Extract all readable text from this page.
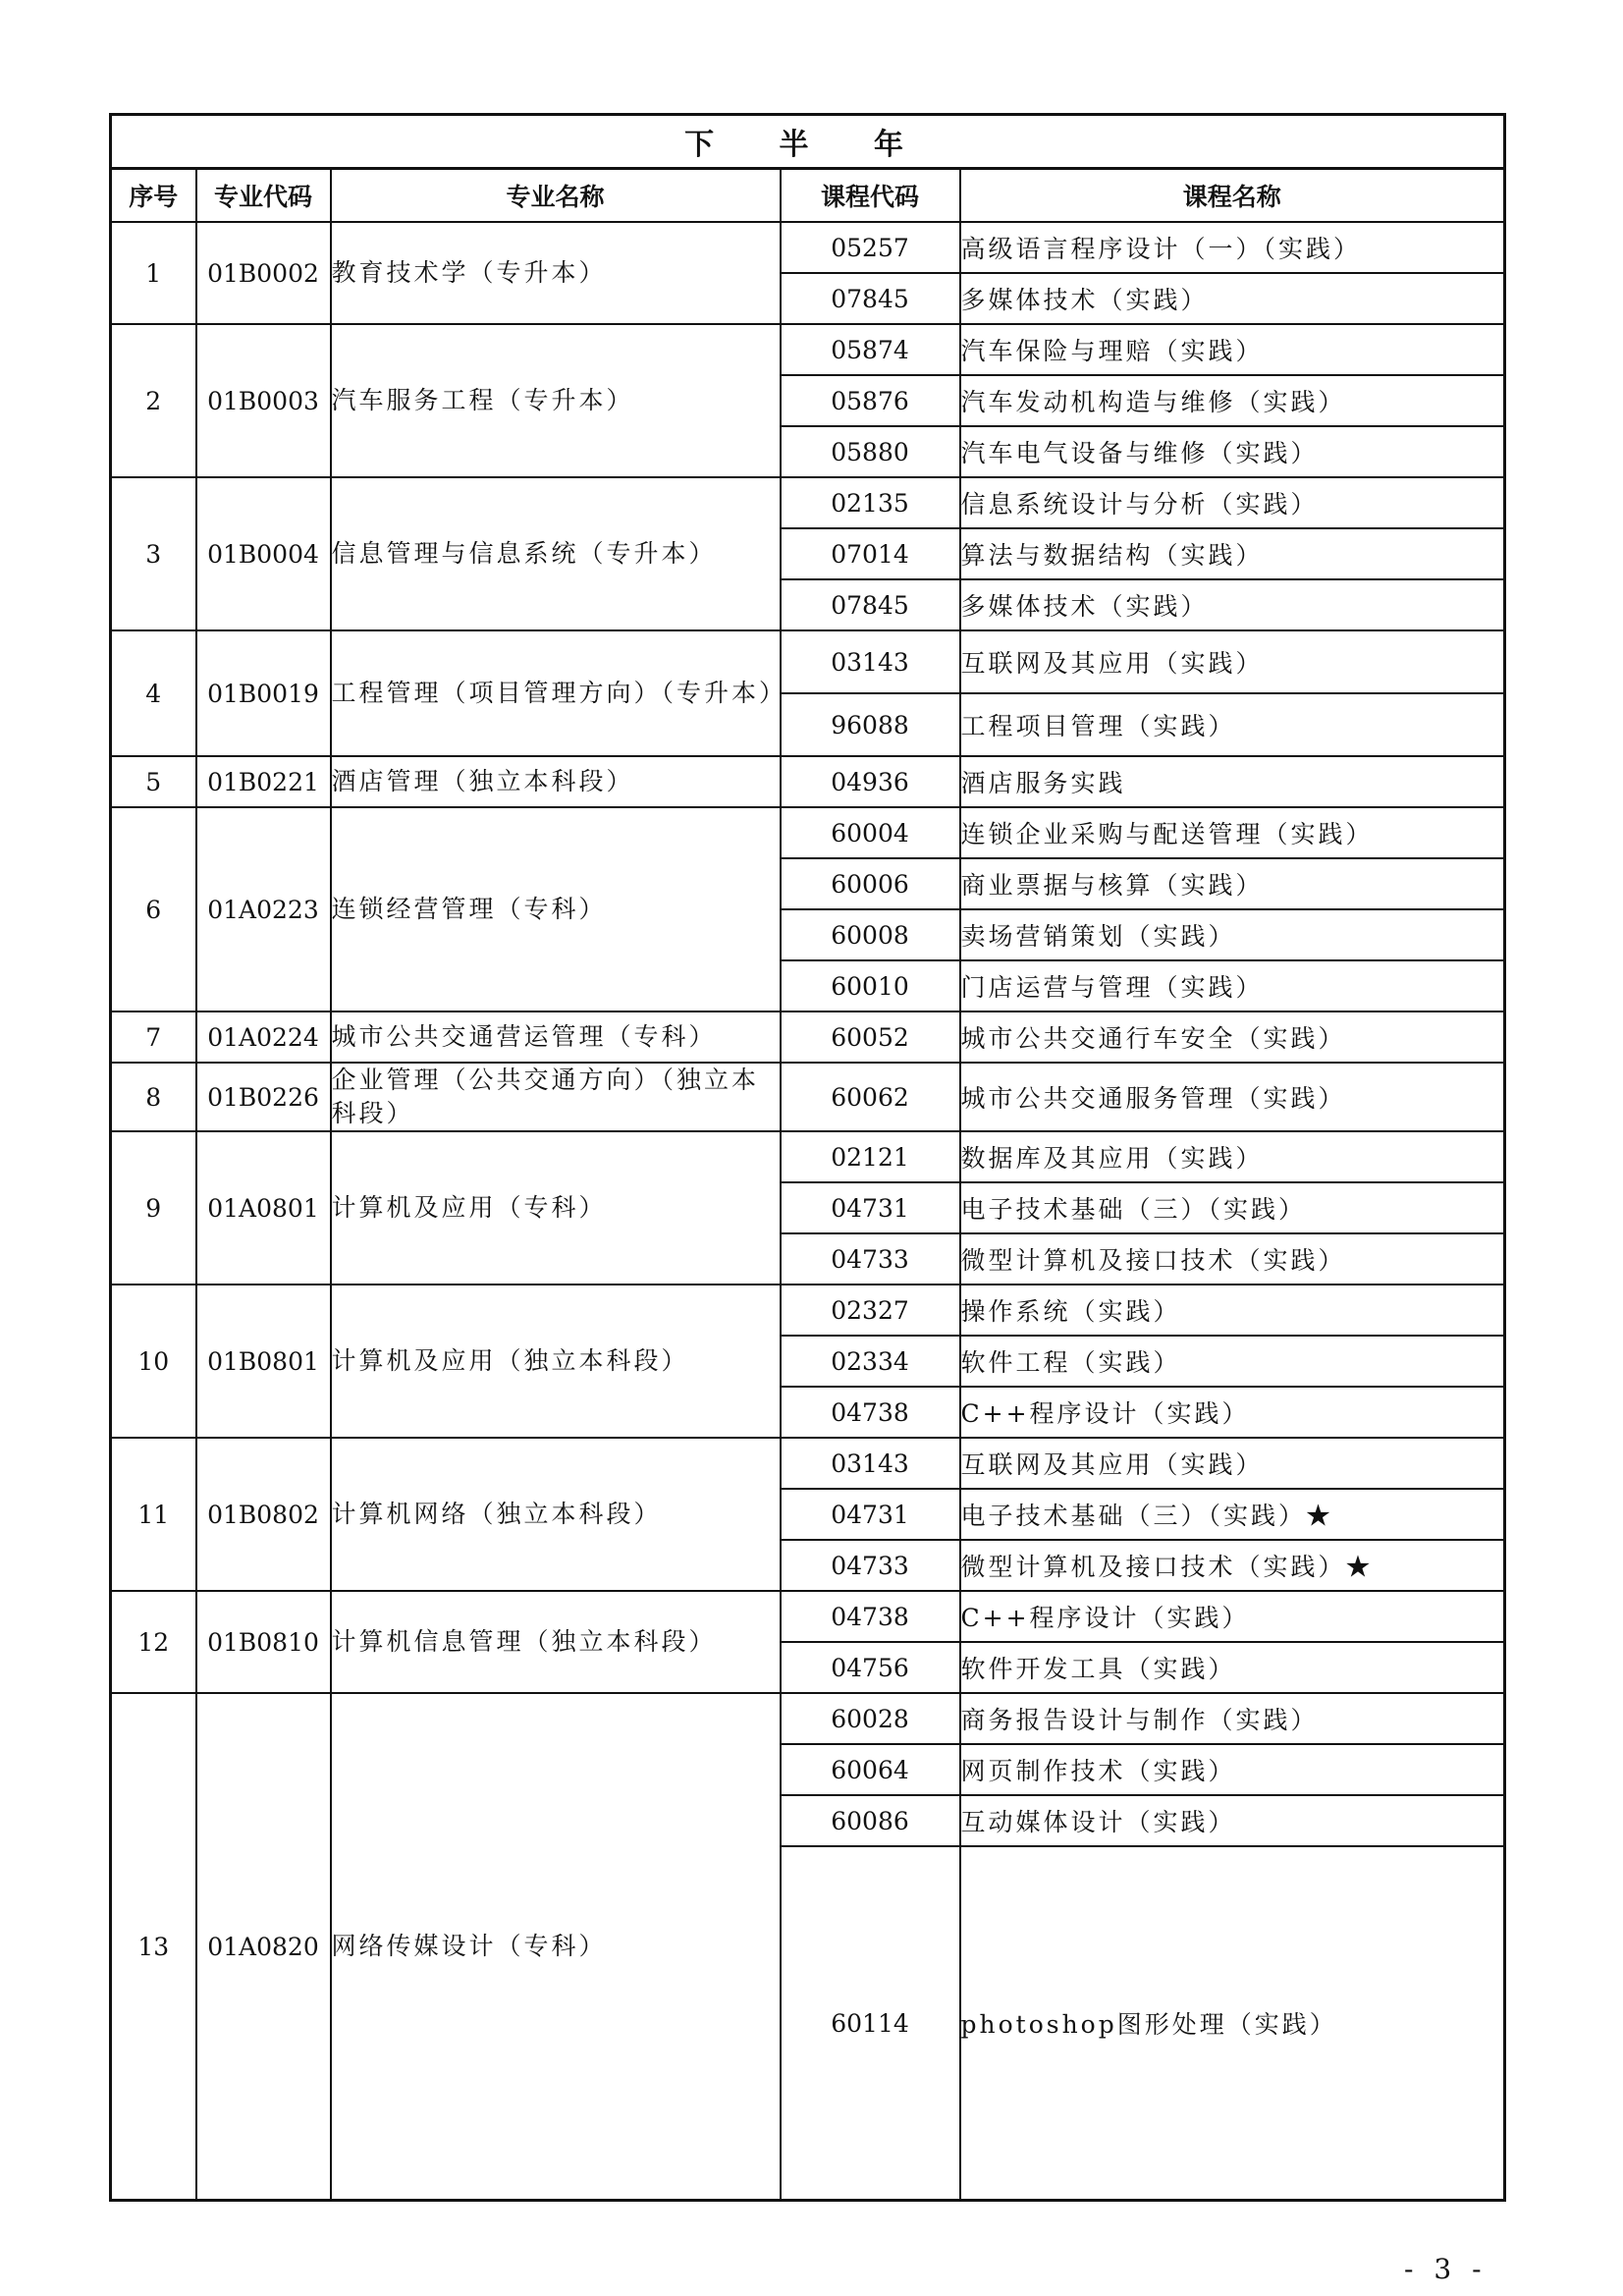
下 半 年				
序号	专业代码	专业名称	课程代码	课程名称
1	01B0002	教育技术学（专升本）	05257	高级语言程序设计（一）（实践）
			07845	多媒体技术（实践）
2	01B0003	汽车服务工程（专升本）	05874	汽车保险与理赔（实践）
			05876	汽车发动机构造与维修（实践）
			05880	汽车电气设备与维修（实践）
3	01B0004	信息管理与信息系统（专升本）	02135	信息系统设计与分析（实践）
			07014	算法与数据结构（实践）
			07845	多媒体技术（实践）
4	01B0019	工程管理（项目管理方向）（专升本）	03143	互联网及其应用（实践）
			96088	工程项目管理（实践）
5	01B0221	酒店管理（独立本科段）	04936	酒店服务实践
6	01A0223	连锁经营管理（专科）	60004	连锁企业采购与配送管理（实践）
			60006	商业票据与核算（实践）
			60008	卖场营销策划（实践）
			60010	门店运营与管理（实践）
7	01A0224	城市公共交通营运管理（专科）	60052	城市公共交通行车安全（实践）
8	01B0226	企业管理（公共交通方向）（独立本科段）	60062	城市公共交通服务管理（实践）
9	01A0801	计算机及应用（专科）	02121	数据库及其应用（实践）
			04731	电子技术基础（三）（实践）
			04733	微型计算机及接口技术（实践）
10	01B0801	计算机及应用（独立本科段）	02327	操作系统（实践）
			02334	软件工程（实践）
			04738	C++程序设计（实践）
11	01B0802	计算机网络（独立本科段）	03143	互联网及其应用（实践）
			04731	电子技术基础（三）（实践）★
			04733	微型计算机及接口技术（实践）★
12	01B0810	计算机信息管理（独立本科段）	04738	C++程序设计（实践）
			04756	软件开发工具（实践）
13	01A0820	网络传媒设计（专科）	60028	商务报告设计与制作（实践）
			60064	网页制作技术（实践）
			60086	互动媒体设计（实践）
			60114	photoshop图形处理（实践）
- 3 -
